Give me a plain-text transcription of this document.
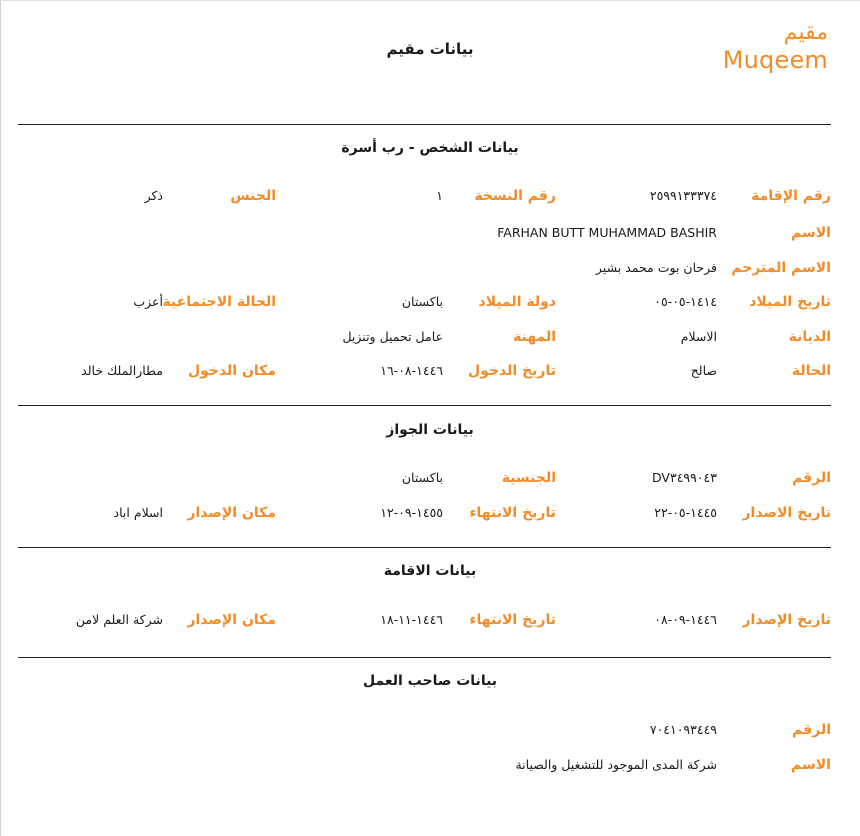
مقيم
Muqeem
بيانات مقيم
بيانات الشخص - رب أسرة
رقم الإقامة
٢٥٩٩١٣٣٣٧٤
رقم النسخة
١
الجنس
ذكر
الاسم
FARHAN BUTT MUHAMMAD BASHIR
الاسم المترجم
فرحان بوت محمد بشير
تاريخ الميلاد
١٤١٤-٠٥-٠٥
دولة الميلاد
باكستان
الحالة الاجتماعية
أعزب
الديانة
الاسلام
المهنة
عامل تحميل وتنزيل
الحالة
صالح
تاريخ الدخول
١٤٤٦-٠٨-١٦
مكان الدخول
مطارالملك خالد
بيانات الجواز
الرقم
DV٣٤٩٩٠٤٣
الجنسية
باكستان
تاريخ الاصدار
١٤٤٥-٠٥-٢٢
تاريخ الانتهاء
١٤٥٥-٠٩-١٢
مكان الإصدار
اسلام اباد
بيانات الاقامة
تاريخ الإصدار
١٤٤٦-٠٩-٠٨
تاريخ الانتهاء
١٤٤٦-١١-١٨
مكان الإصدار
شركة العلم لامن
بيانات صاحب العمل
الرقم
٧٠٤١٠٩٣٤٤٩
الاسم
شركة المدى الموجود للتشغيل والصيانة
